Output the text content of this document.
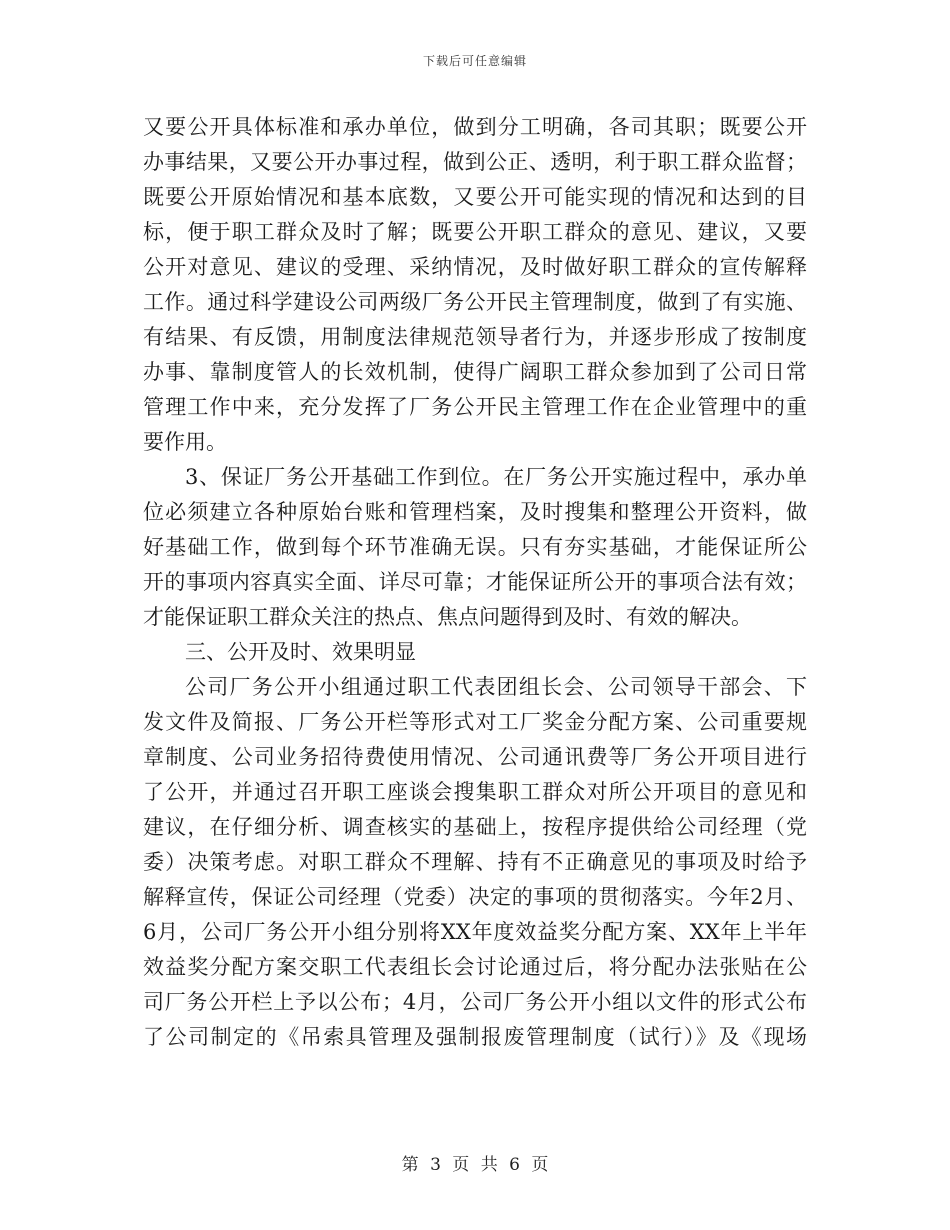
下载后可任意编辑
又要公开具体标准和承办单位，做到分工明确，各司其职；既要公开
办事结果，又要公开办事过程，做到公正、透明，利于职工群众监督；
既要公开原始情况和基本底数，又要公开可能实现的情况和达到的目
标，便于职工群众及时了解；既要公开职工群众的意见、建议，又要
公开对意见、建议的受理、采纳情况，及时做好职工群众的宣传解释
工作。通过科学建设公司两级厂务公开民主管理制度，做到了有实施、
有结果、有反馈，用制度法律规范领导者行为，并逐步形成了按制度
办事、靠制度管人的长效机制，使得广阔职工群众参加到了公司日常
管理工作中来，充分发挥了厂务公开民主管理工作在企业管理中的重
要作用。
3、保证厂务公开基础工作到位。在厂务公开实施过程中，承办单
位必须建立各种原始台账和管理档案，及时搜集和整理公开资料，做
好基础工作，做到每个环节准确无误。只有夯实基础，才能保证所公
开的事项内容真实全面、详尽可靠；才能保证所公开的事项合法有效；
才能保证职工群众关注的热点、焦点问题得到及时、有效的解决。
三、公开及时、效果明显
公司厂务公开小组通过职工代表团组长会、公司领导干部会、下
发文件及简报、厂务公开栏等形式对工厂奖金分配方案、公司重要规
章制度、公司业务招待费使用情况、公司通讯费等厂务公开项目进行
了公开，并通过召开职工座谈会搜集职工群众对所公开项目的意见和
建议，在仔细分析、调查核实的基础上，按程序提供给公司经理（党
委）决策考虑。对职工群众不理解、持有不正确意见的事项及时给予
解释宣传，保证公司经理（党委）决定的事项的贯彻落实。今年2月、
6月，公司厂务公开小组分别将XX年度效益奖分配方案、XX年上半年
效益奖分配方案交职工代表组长会讨论通过后，将分配办法张贴在公
司厂务公开栏上予以公布；4月，公司厂务公开小组以文件的形式公布
了公司制定的《吊索具管理及强制报废管理制度（试行）》及《现场
第 3 页 共 6 页
